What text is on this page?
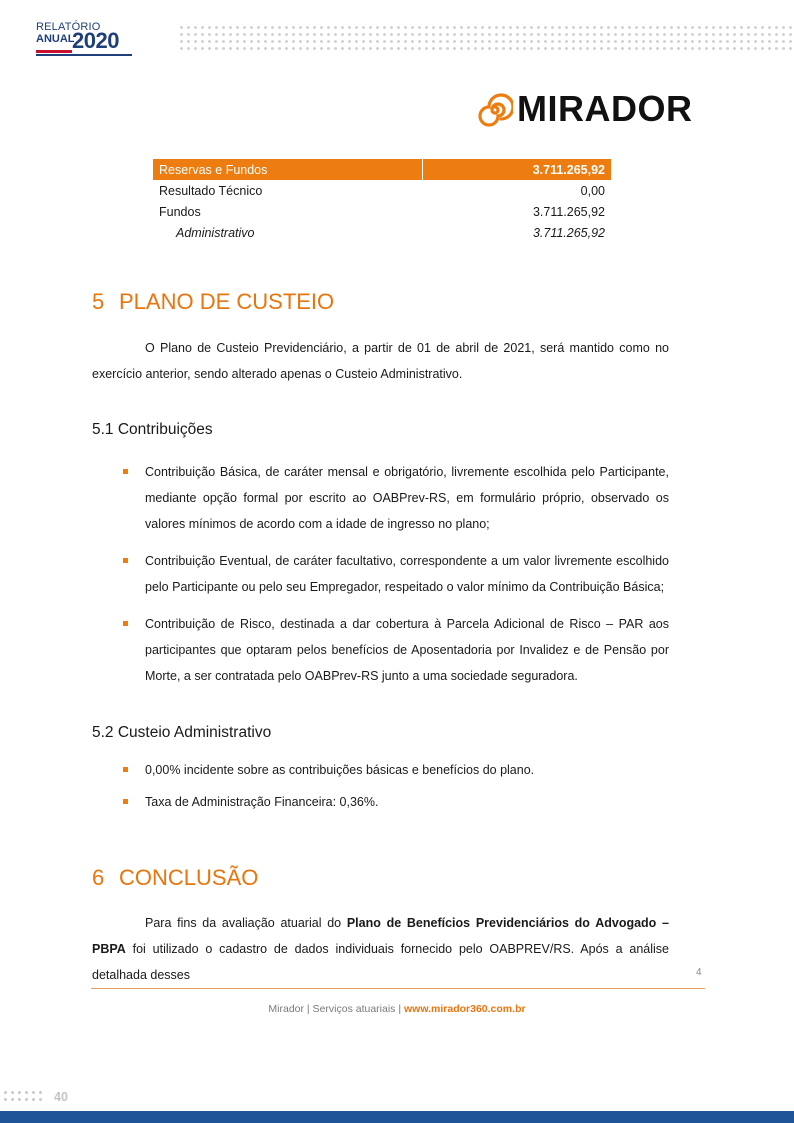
RELATÓRIO
ANUAL
2020
MIRADOR
Reservas e Fundos	3.711.265,92
Resultado Técnico	0,00
Fundos	3.711.265,92
Administrativo	3.711.265,92
5 PLANO DE CUSTEIO

O Plano de Custeio Previdenciário, a partir de 01 de abril de 2021, será mantido como no exercício anterior, sendo alterado apenas o Custeio Administrativo.

5.1 Contribuições
Contribuição Básica, de caráter mensal e obrigatório, livremente escolhida pelo Participante, mediante opção formal por escrito ao OABPrev-RS, em formulário próprio, observado os valores mínimos de acordo com a idade de ingresso no plano;
Contribuição Eventual, de caráter facultativo, correspondente a um valor livremente escolhido pelo Participante ou pelo seu Empregador, respeitado o valor mínimo da Contribuição Básica;
Contribuição de Risco, destinada a dar cobertura à Parcela Adicional de Risco – PAR aos participantes que optaram pelos benefícios de Aposentadoria por Invalidez e de Pensão por Morte, a ser contratada pelo OABPrev-RS junto a uma sociedade seguradora.
5.2 Custeio Administrativo
0,00% incidente sobre as contribuições básicas e benefícios do plano.
Taxa de Administração Financeira: 0,36%.
6 CONCLUSÃO

Para fins da avaliação atuarial do Plano de Benefícios Previdenciários do Advogado – PBPA foi utilizado o cadastro de dados individuais fornecido pelo OABPREV/RS. Após a análise detalhada desses	4
Mirador | Serviços atuariais | www.mirador360.com.br
40
